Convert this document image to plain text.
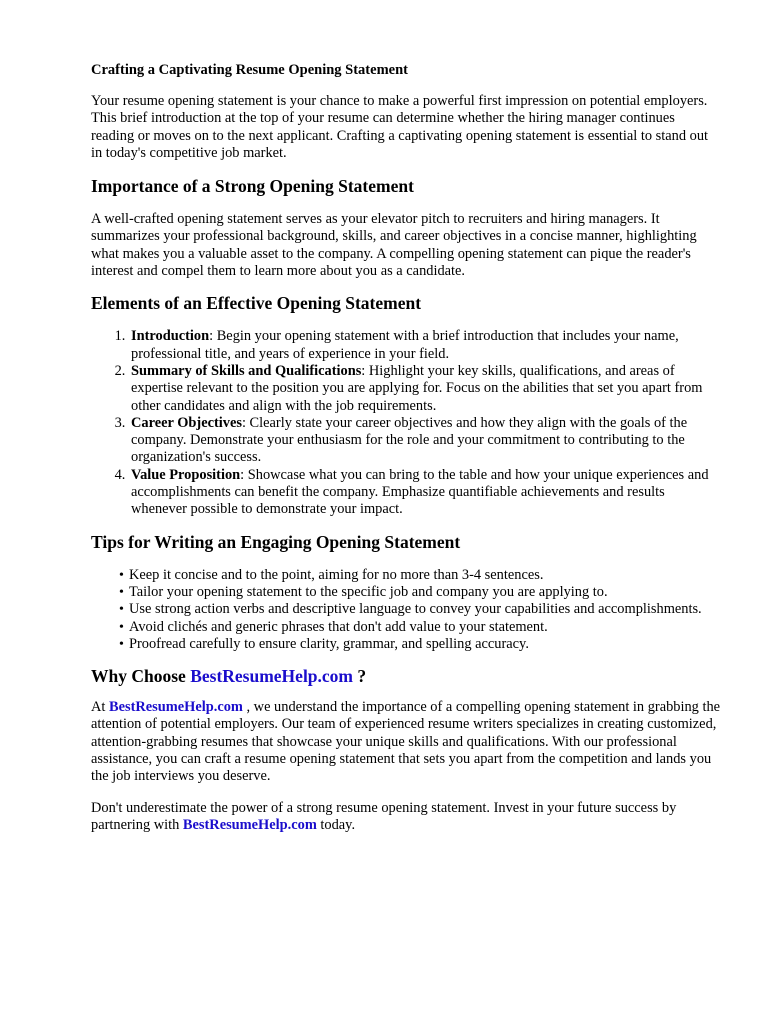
Crafting a Captivating Resume Opening Statement

Your resume opening statement is your chance to make a powerful first impression on potential employers. This brief introduction at the top of your resume can determine whether the hiring manager continues reading or moves on to the next applicant. Crafting a captivating opening statement is essential to stand out in today's competitive job market.

Importance of a Strong Opening Statement

A well-crafted opening statement serves as your elevator pitch to recruiters and hiring managers. It summarizes your professional background, skills, and career objectives in a concise manner, highlighting what makes you a valuable asset to the company. A compelling opening statement can pique the reader's interest and compel them to learn more about you as a candidate.

Elements of an Effective Opening Statement
1. Introduction: Begin your opening statement with a brief introduction that includes your name, professional title, and years of experience in your field.
2. Summary of Skills and Qualifications: Highlight your key skills, qualifications, and areas of expertise relevant to the position you are applying for. Focus on the abilities that set you apart from other candidates and align with the job requirements.
3. Career Objectives: Clearly state your career objectives and how they align with the goals of the company. Demonstrate your enthusiasm for the role and your commitment to contributing to the organization's success.
4. Value Proposition: Showcase what you can bring to the table and how your unique experiences and accomplishments can benefit the company. Emphasize quantifiable achievements and results whenever possible to demonstrate your impact.
Tips for Writing an Engaging Opening Statement
• Keep it concise and to the point, aiming for no more than 3-4 sentences.
• Tailor your opening statement to the specific job and company you are applying to.
• Use strong action verbs and descriptive language to convey your capabilities and accomplishments.
• Avoid clichés and generic phrases that don't add value to your statement.
• Proofread carefully to ensure clarity, grammar, and spelling accuracy.
Why Choose BestResumeHelp.com ?

At BestResumeHelp.com , we understand the importance of a compelling opening statement in grabbing the attention of potential employers. Our team of experienced resume writers specializes in creating customized, attention-grabbing resumes that showcase your unique skills and qualifications. With our professional assistance, you can craft a resume opening statement that sets you apart from the competition and lands you the job interviews you deserve.

Don't underestimate the power of a strong resume opening statement. Invest in your future success by partnering with BestResumeHelp.com today.
